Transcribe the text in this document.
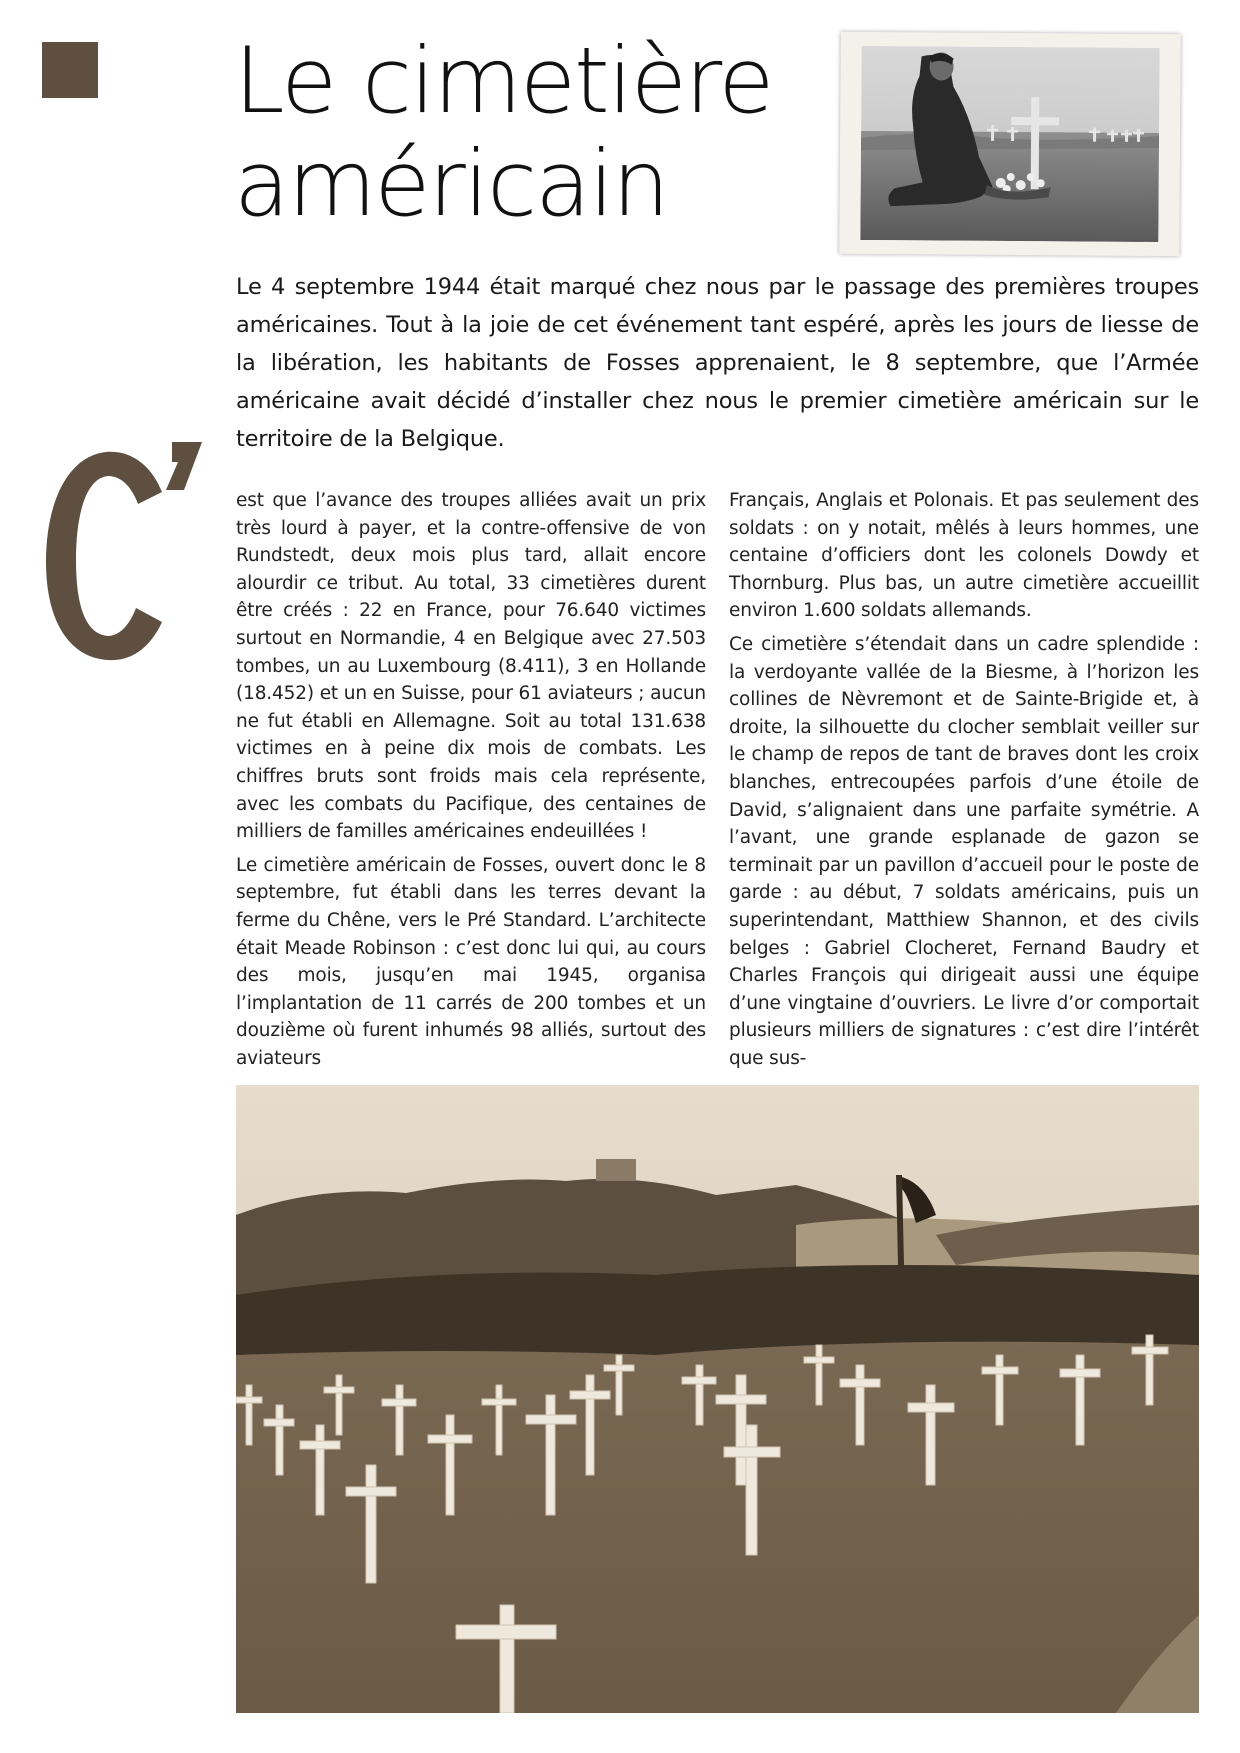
Le cimetière
américain

Le 4 septembre 1944 était marqué chez nous par le passage des premières troupes américaines. Tout à la joie de cet événement tant espéré, après les jours de liesse de la libération, les habitants de Fosses apprenaient, le 8 septembre, que l’Armée américaine avait décidé d’installer chez nous le premier cimetière américain sur le territoire de la Belgique.

est que l’avance des troupes alliées avait un prix très lourd à payer, et la contre-offensive de von Rundstedt, deux mois plus tard, allait encore alourdir ce tribut. Au total, 33 cimetières durent être créés : 22 en France, pour 76.640 victimes surtout en Normandie, 4 en Belgique avec 27.503 tombes, un au Luxembourg (8.411), 3 en Hollande (18.452) et un en Suisse, pour 61 aviateurs ; aucun ne fut établi en Allemagne. Soit au total 131.638 victimes en à peine dix mois de combats. Les chiffres bruts sont froids mais cela représente, avec les combats du Pacifique, des centaines de milliers de familles américaines endeuillées !

Le cimetière américain de Fosses, ouvert donc le 8 septembre, fut établi dans les terres devant la ferme du Chêne, vers le Pré Standard. L’architecte était Meade Robinson : c’est donc lui qui, au cours des mois, jusqu’en mai 1945, organisa l’implantation de 11 carrés de 200 tombes et un douzième où furent inhumés 98 alliés, surtout des aviateurs

Français, Anglais et Polonais. Et pas seulement des soldats : on y notait, mêlés à leurs hommes, une centaine d’officiers dont les colonels Dowdy et Thornburg. Plus bas, un autre cimetière accueillit environ 1.600 soldats allemands.

Ce cimetière s’étendait dans un cadre splendide : la verdoyante vallée de la Biesme, à l’horizon les collines de Nèvremont et de Sainte-Brigide et, à droite, la silhouette du clocher semblait veiller sur le champ de repos de tant de braves dont les croix blanches, entrecoupées parfois d’une étoile de David, s’alignaient dans une parfaite symétrie. A l’avant, une grande esplanade de gazon se terminait par un pavillon d’accueil pour le poste de garde : au début, 7 soldats américains, puis un superintendant, Matthiew Shannon, et des civils belges : Gabriel Clocheret, Fernand Baudry et Charles François qui dirigeait aussi une équipe d’une vingtaine d’ouvriers. Le livre d’or comportait plusieurs milliers de signatures : c’est dire l’intérêt que sus-
